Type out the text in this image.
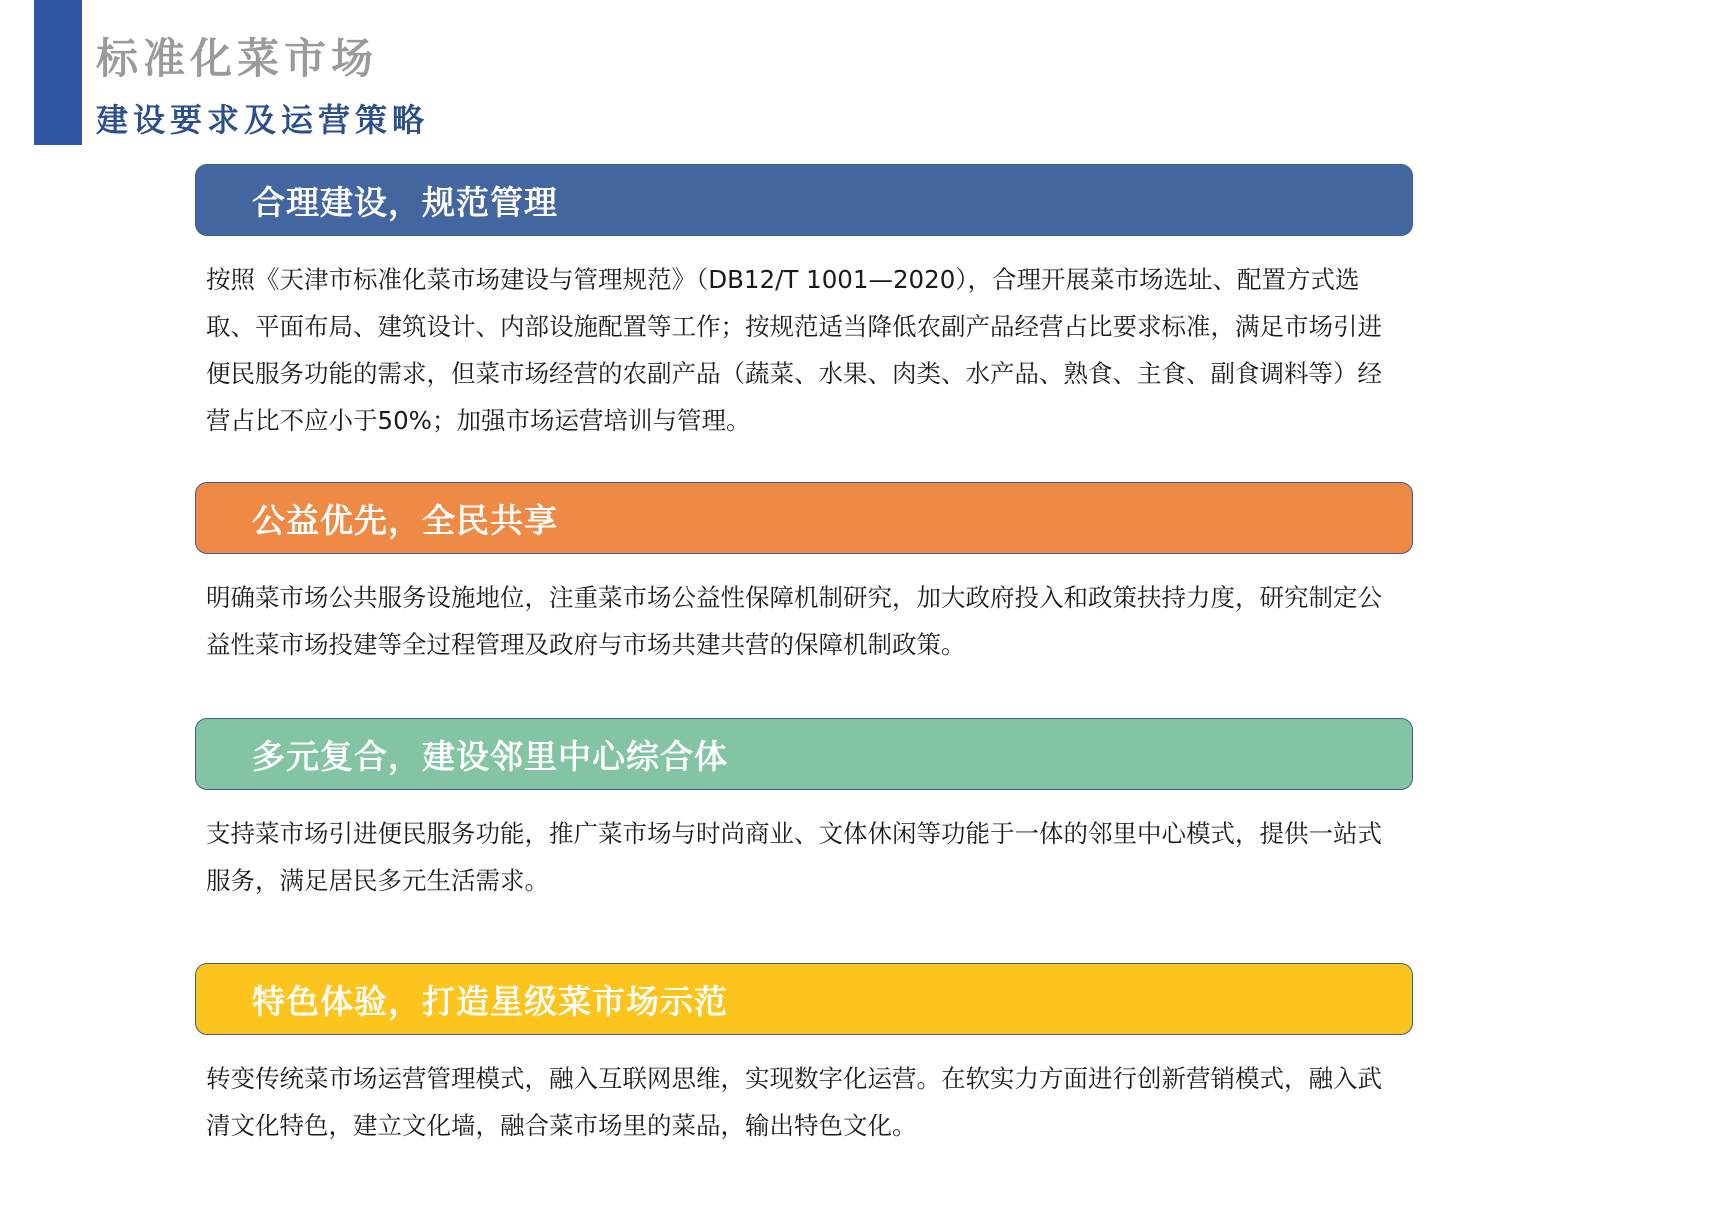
标准化菜市场
建设要求及运营策略
合理建设，规范管理
按照《天津市标准化菜市场建设与管理规范》（DB12/T 1001—2020），合理开展菜市场选址、配置方式选取、平面布局、建筑设计、内部设施配置等工作；按规范适当降低农副产品经营占比要求标准，满足市场引进便民服务功能的需求，但菜市场经营的农副产品（蔬菜、水果、肉类、水产品、熟食、主食、副食调料等）经营占比不应小于50%；加强市场运营培训与管理。
公益优先，全民共享
明确菜市场公共服务设施地位，注重菜市场公益性保障机制研究，加大政府投入和政策扶持力度，研究制定公益性菜市场投建等全过程管理及政府与市场共建共营的保障机制政策。
多元复合，建设邻里中心综合体
支持菜市场引进便民服务功能，推广菜市场与时尚商业、文体休闲等功能于一体的邻里中心模式，提供一站式服务，满足居民多元生活需求。
特色体验，打造星级菜市场示范
转变传统菜市场运营管理模式，融入互联网思维，实现数字化运营。在软实力方面进行创新营销模式，融入武清文化特色，建立文化墙，融合菜市场里的菜品，输出特色文化。
